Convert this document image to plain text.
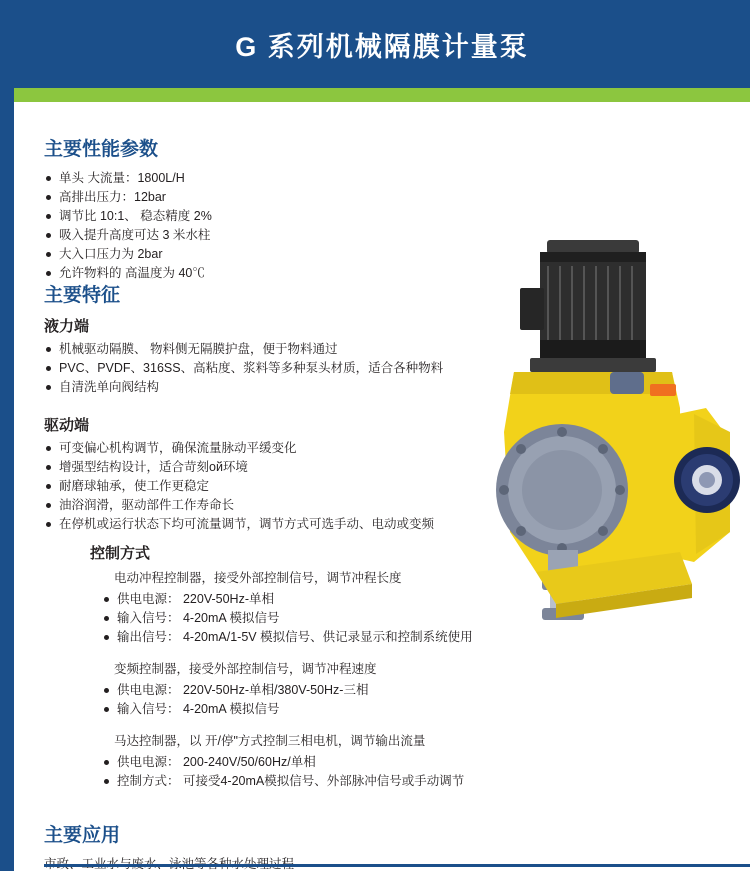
G 系列机械隔膜计量泵
主要性能参数
单头 大流量：1800L/H
高排出压力：12bar
调节比 10:1、 稳态精度 2%
吸入提升高度可达 3 米水柱
大入口压力为 2bar
允许物料的 高温度为 40℃
主要特征
液力端
机械驱动隔膜、 物料侧无隔膜护盘，便于物料通过
PVC、PVDF、316SS、高粘度、浆料等多种泵头材质，适合各种物料
自清洗单向阀结构
驱动端
可变偏心机构调节，确保流量脉动平缓变化
增强型结构设计，适合苛刻ой环境
耐磨球轴承，使工作更稳定
油浴润滑，驱动部件工作寿命长
在停机或运行状态下均可流量调节，调节方式可选手动、电动或变频
控制方式

电动冲程控制器，接受外部控制信号，调节冲程长度

供电电源： 220V-50Hz-单相
输入信号： 4-20mA 模拟信号
输出信号： 4-20mA/1-5V 模拟信号、供记录显示和控制系统使用

变频控制器，接受外部控制信号，调节冲程速度

供电电源： 220V-50Hz-单相/380V-50Hz-三相
输入信号： 4-20mA 模拟信号

马达控制器，以 开/停"方式控制三相电机，调节输出流量

供电电源： 200-240V/50/60Hz/单相
控制方式： 可接受4-20mA模拟信号、外部脉冲信号或手动调节
主要应用
